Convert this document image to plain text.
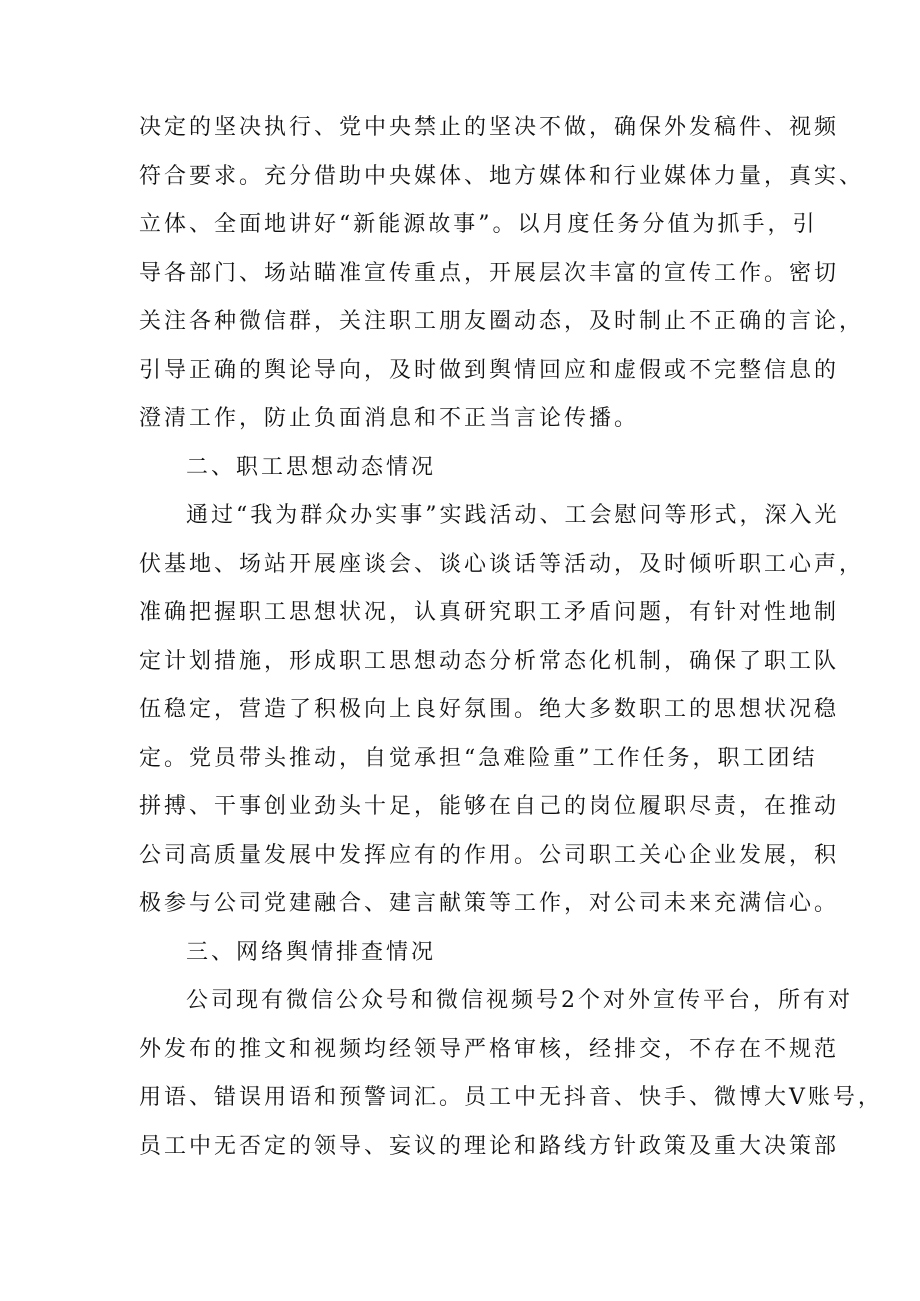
决定的坚决执行、党中央禁止的坚决不做，确保外发稿件、视频
符合要求。充分借助中央媒体、地方媒体和行业媒体力量，真实、
立体、全面地讲好“新能源故事”。以月度任务分值为抓手，引
导各部门、场站瞄准宣传重点，开展层次丰富的宣传工作。密切
关注各种微信群，关注职工朋友圈动态，及时制止不正确的言论，
引导正确的舆论导向，及时做到舆情回应和虚假或不完整信息的
澄清工作，防止负面消息和不正当言论传播。
二、职工思想动态情况
通过“我为群众办实事”实践活动、工会慰问等形式，深入光
伏基地、场站开展座谈会、谈心谈话等活动，及时倾听职工心声，
准确把握职工思想状况，认真研究职工矛盾问题，有针对性地制
定计划措施，形成职工思想动态分析常态化机制，确保了职工队
伍稳定，营造了积极向上良好氛围。绝大多数职工的思想状况稳
定。党员带头推动，自觉承担“急难险重”工作任务，职工团结
拼搏、干事创业劲头十足，能够在自己的岗位履职尽责，在推动
公司高质量发展中发挥应有的作用。公司职工关心企业发展，积
极参与公司党建融合、建言献策等工作，对公司未来充满信心。
三、网络舆情排查情况
公司现有微信公众号和微信视频号2个对外宣传平台，所有对
外发布的推文和视频均经领导严格审核，经排交，不存在不规范
用语、错误用语和预警词汇。员工中无抖音、快手、微博大V账号，
员工中无否定的领导、妄议的理论和路线方针政策及重大决策部
